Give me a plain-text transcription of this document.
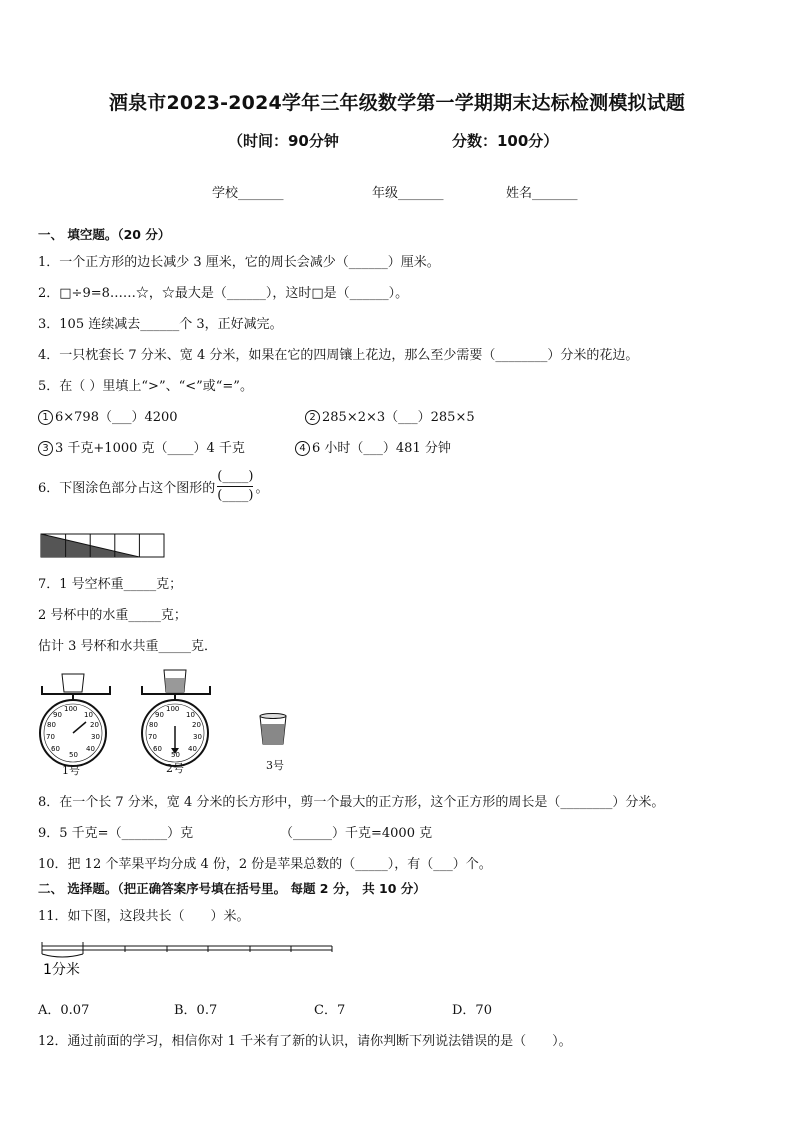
酒泉市2023-2024学年三年级数学第一学期期末达标检测模拟试题
（时间：90分钟	分数：100分）
学校_______	年级_______	姓名_______
一、 填空题。（20 分）
1．一个正方形的边长减少 3 厘米，它的周长会减少（______）厘米。
2．□÷9=8……☆，☆最大是（______），这时□是（______）。
3．105 连续减去______个 3，正好减完。
4．一只枕套长 7 分米、宽 4 分米，如果在它的四周镶上花边，那么至少需要（________）分米的花边。
5．在（ ）里填上“>”、“<”或“=”。
1 6×798（___）4200	2 285×2×3（___）285×5
3 3 千克+1000 克（____）4 千克	4 6 小时（___）481 分钟
6．下图涂色部分占这个图形的 $\frac{(\_\_\_\_)}{(\_\_\_\_)}$ 。
7．1 号空杯重_____克；
2 号杯中的水重_____克；
估计 3 号杯和水共重_____克．
100
10
20
30
40
50
60
70
80
90
100
10
20
30
40
50
60
70
80
90
1号	2号	3号
8．在一个长 7 分米，宽 4 分米的长方形中，剪一个最大的正方形，这个正方形的周长是（________）分米。
9．5 千克=（_______）克	（______）千克=4000 克
10．把 12 个苹果平均分成 4 份，2 份是苹果总数的（_____），有（___）个。
二、 选择题。（把正确答案序号填在括号里。 每题 2 分， 共 10 分）
11．如下图，这段共长（　　）米。
1分米
A．0.07	B．0.7	C．7	D．70
12．通过前面的学习，相信你对 1 千米有了新的认识，请你判断下列说法错误的是（　　）。
